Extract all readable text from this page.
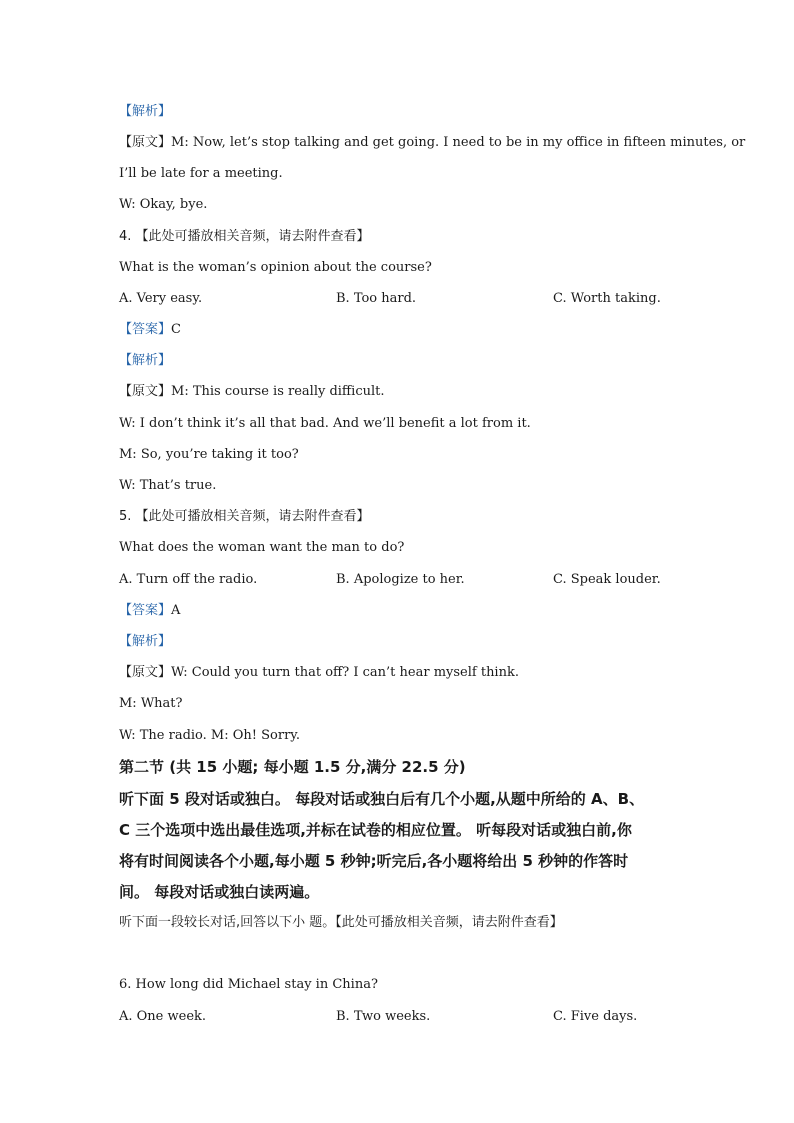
【解析】
【原文】M: Now, let’s stop talking and get going. I need to be in my office in fifteen minutes, or
I’ll be late for a meeting.
W: Okay, bye.
4. 【此处可播放相关音频，请去附件查看】
What is the woman’s opinion about the course?
A. Very easy.	B. Too hard.	C. Worth taking.
【答案】C
【解析】
【原文】M: This course is really difficult.
W: I don’t think it’s all that bad. And we’ll benefit a lot from it.
M: So, you’re taking it too?
W: That’s true.
5. 【此处可播放相关音频，请去附件查看】
What does the woman want the man to do?
A. Turn off the radio.	B. Apologize to her.	C. Speak louder.
【答案】A
【解析】
【原文】W: Could you turn that off? I can’t hear myself think.
M: What?
W: The radio. M: Oh! Sorry.
第二节 (共 15 小题; 每小题 1.5 分,满分 22.5 分)
听下面 5 段对话或独白。 每段对话或独白后有几个小题,从题中所给的 A、B、
C 三个选项中选出最佳选项,并标在试卷的相应位置。 听每段对话或独白前,你
将有时间阅读各个小题,每小题 5 秒钟;听完后,各小题将给出 5 秒钟的作答时
间。 每段对话或独白读两遍。
听下面一段较长对话,回答以下小 题。【此处可播放相关音频，请去附件查看】
6. How long did Michael stay in China?
A. One week.	B. Two weeks.	C. Five days.
